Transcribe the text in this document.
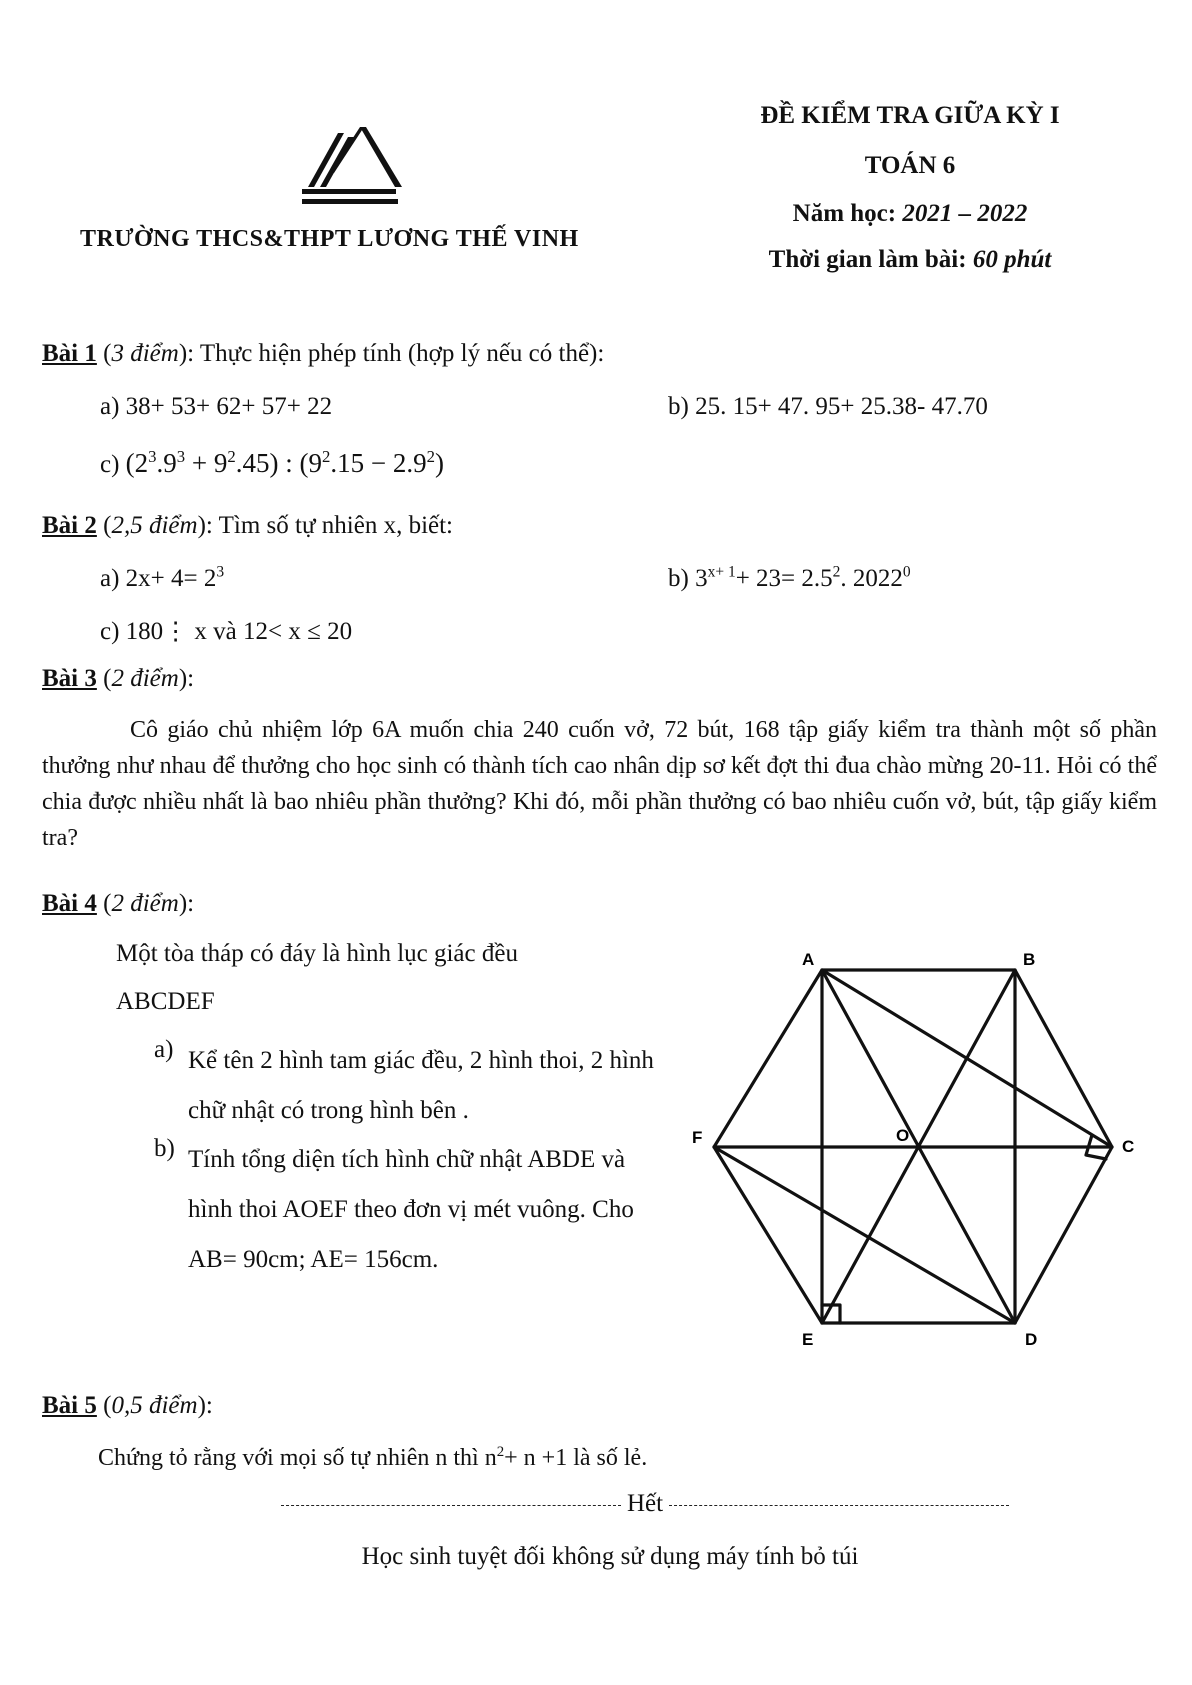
TRƯỜNG THCS&THPT LƯƠNG THẾ VINH
ĐỀ KIỂM TRA GIỮA KỲ I
TOÁN 6
Năm học: 2021 – 2022
Thời gian làm bài: 60 phút
Bài 1 (3 điểm): Thực hiện phép tính (hợp lý nếu có thể):
a) 38+ 53+ 62+ 57+ 22	b) 25. 15+ 47. 95+ 25.38- 47.70
c) $(2^3.9^3 + 9^2.45)$ : $(9^2.15 - 2.9^2)$
Bài 2 (2,5 điểm): Tìm số tự nhiên x, biết:
a) $2x+ 4= 2^3$	b) $3^{x+ 1}+ 23= 2.5^2$. 2022$^0$
c) 180⋮ x và 12< x ≤ 20
Bài 3 (2 điểm):
Cô giáo chủ nhiệm lớp 6A muốn chia 240 cuốn vở, 72 bút, 168 tập giấy kiểm tra thành một số phần thưởng như nhau để thưởng cho học sinh có thành tích cao nhân dịp sơ kết đợt thi đua chào mừng 20-11. Hỏi có thể chia được nhiều nhất là bao nhiêu phần thưởng? Khi đó, mỗi phần thưởng có bao nhiêu cuốn vở, bút, tập giấy kiểm tra?
Bài 4 (2 điểm):
Một tòa tháp có đáy là hình lục giác đều
ABCDEF
a) Kể tên 2 hình tam giác đều, 2 hình thoi, 2 hình chữ nhật có trong hình bên .
b) Tính tổng diện tích hình chữ nhật ABDE và hình thoi AOEF theo đơn vị mét vuông. Cho AB= 90cm; AE= 156cm.
A	B
C
D
E
F	O
Bài 5 (0,5 điểm):
Chứng tỏ rằng với mọi số tự nhiên n thì $n^2+ n +1$ là số lẻ.
Hết
Học sinh tuyệt đối không sử dụng máy tính bỏ túi
